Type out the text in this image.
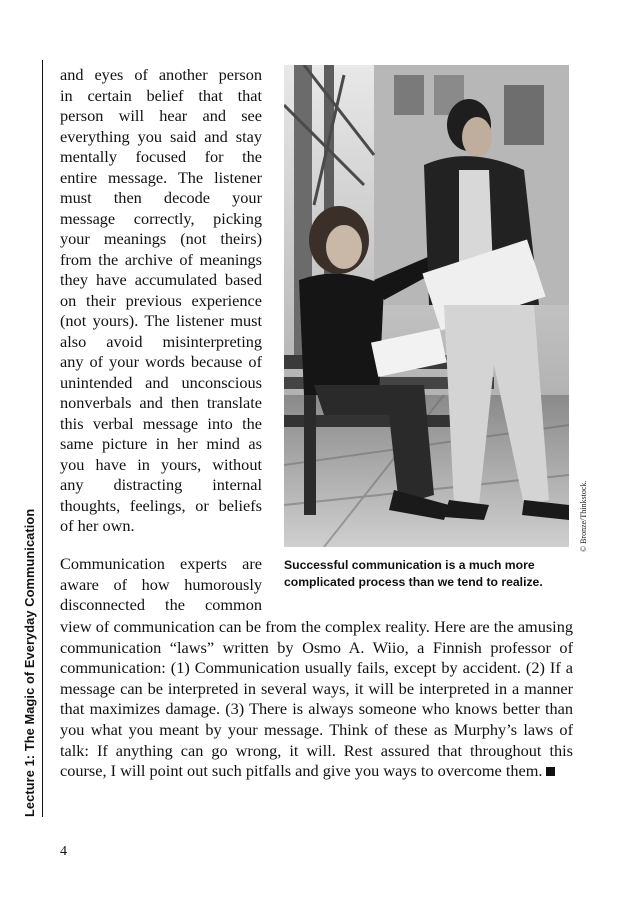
Lecture 1: The Magic of Everyday Communication
and eyes of another person
in certain belief that that
person will hear and see
everything you said and stay
mentally focused for the
entire message. The listener
must then decode your
message correctly, picking
your meanings (not theirs)
from the archive of meanings
they have accumulated based
on their previous experience
(not yours). The listener must
also avoid misinterpreting
any of your words because of
unintended and unconscious
nonverbals and then translate
this verbal message into the
same picture in her mind as
you have in yours, without
any distracting internal
thoughts, feelings, or beliefs
of her own.
Communication experts are
aware of how humorously
disconnected the common
view of communication can be from the complex reality. Here are the amusing communication “laws” written by Osmo A. Wiio, a Finnish professor of communication: (1) Communication usually fails, except by accident. (2) If a message can be interpreted in several ways, it will be interpreted in a manner that maximizes damage. (3) There is always someone who knows better than you what you meant by your message. Think of these as Murphy’s laws of talk: If anything can go wrong, it will. Rest assured that throughout this course, I will point out such pitfalls and give you ways to overcome them.
© Bronze/Thinkstock.
Successful communication is a much more
complicated process than we tend to realize.
4
